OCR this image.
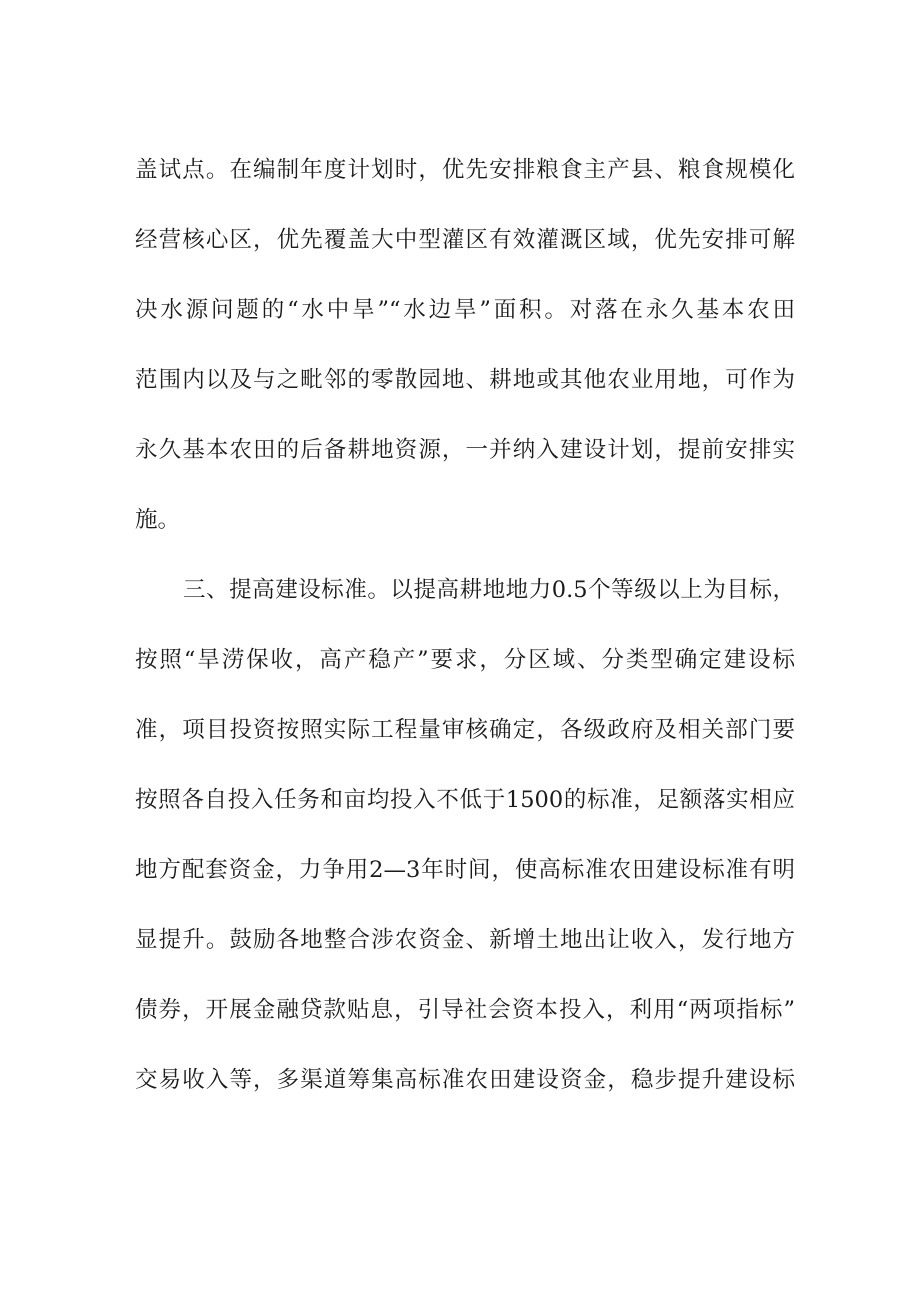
盖试点。在编制年度计划时，优先安排粮食主产县、粮食规模化
经营核心区，优先覆盖大中型灌区有效灌溉区域，优先安排可解
决水源问题的“水中旱”“水边旱”面积。对落在永久基本农田
范围内以及与之毗邻的零散园地、耕地或其他农业用地，可作为
永久基本农田的后备耕地资源，一并纳入建设计划，提前安排实
施。
三、提高建设标准。以提高耕地地力0.5个等级以上为目标，
按照“旱涝保收，高产稳产”要求，分区域、分类型确定建设标
准，项目投资按照实际工程量审核确定，各级政府及相关部门要
按照各自投入任务和亩均投入不低于1500的标准，足额落实相应
地方配套资金，力争用2—3年时间，使高标准农田建设标准有明
显提升。鼓励各地整合涉农资金、新增土地出让收入，发行地方
债券，开展金融贷款贴息，引导社会资本投入，利用“两项指标”
交易收入等，多渠道筹集高标准农田建设资金，稳步提升建设标
